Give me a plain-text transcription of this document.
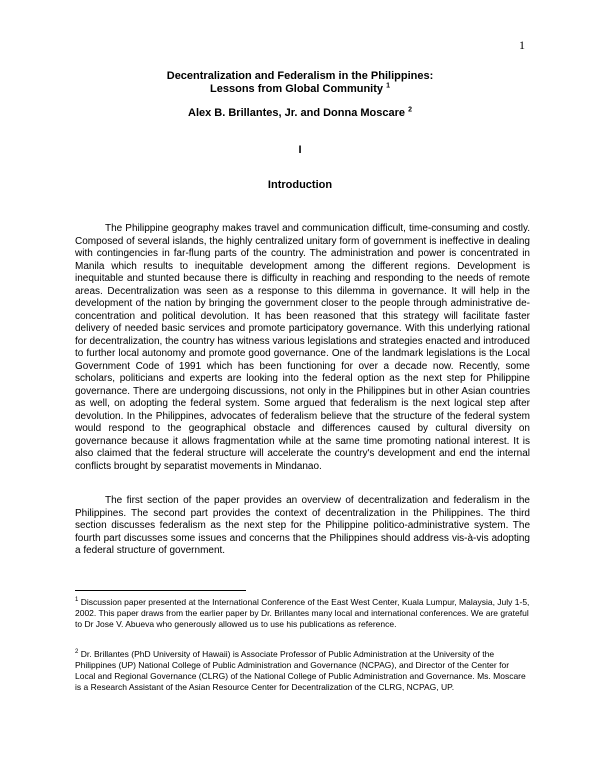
1
Decentralization and Federalism in the Philippines:
Lessons from Global Community $^1$
Alex B. Brillantes, Jr. and Donna Moscare $^2$
I
Introduction

The Philippine geography makes travel and communication difficult, time-consuming and costly. Composed of several islands, the highly centralized unitary form of government is ineffective in dealing with contingencies in far-flung parts of the country. The administration and power is concentrated in Manila which results to inequitable development among the different regions. Development is inequitable and stunted because there is difficulty in reaching and responding to the needs of remote areas. Decentralization was seen as a response to this dilemma in governance. It will help in the development of the nation by bringing the government closer to the people through administrative de-concentration and political devolution. It has been reasoned that this strategy will facilitate faster delivery of needed basic services and promote participatory governance. With this underlying rational for decentralization, the country has witness various legislations and strategies enacted and introduced to further local autonomy and promote good governance. One of the landmark legislations is the Local Government Code of 1991 which has been functioning for over a decade now. Recently, some scholars, politicians and experts are looking into the federal option as the next step for Philippine governance. There are undergoing discussions, not only in the Philippines but in other Asian countries as well, on adopting the federal system. Some argued that federalism is the next logical step after devolution. In the Philippines, advocates of federalism believe that the structure of the federal system would respond to the geographical obstacle and differences caused by cultural diversity on governance because it allows fragmentation while at the same time promoting national interest. It is also claimed that the federal structure will accelerate the country's development and end the internal conflicts brought by separatist movements in Mindanao.

The first section of the paper provides an overview of decentralization and federalism in the Philippines. The second part provides the context of decentralization in the Philippines. The third section discusses federalism as the next step for the Philippine politico-administrative system. The fourth part discusses some issues and concerns that the Philippines should address vis-à-vis adopting a federal structure of government.

$^1$ Discussion paper presented at the International Conference of the East West Center, Kuala Lumpur, Malaysia, July 1-5, 2002. This paper draws from the earlier paper by Dr. Brillantes many local and international conferences. We are grateful to Dr Jose V. Abueva who generously allowed us to use his publications as reference.

$^2$ Dr. Brillantes (PhD University of Hawaii) is Associate Professor of Public Administration at the University of the Philippines (UP) National College of Public Administration and Governance (NCPAG), and Director of the Center for Local and Regional Governance (CLRG) of the National College of Public Administration and Governance. Ms. Moscare is a Research Assistant of the Asian Resource Center for Decentralization of the CLRG, NCPAG, UP.
